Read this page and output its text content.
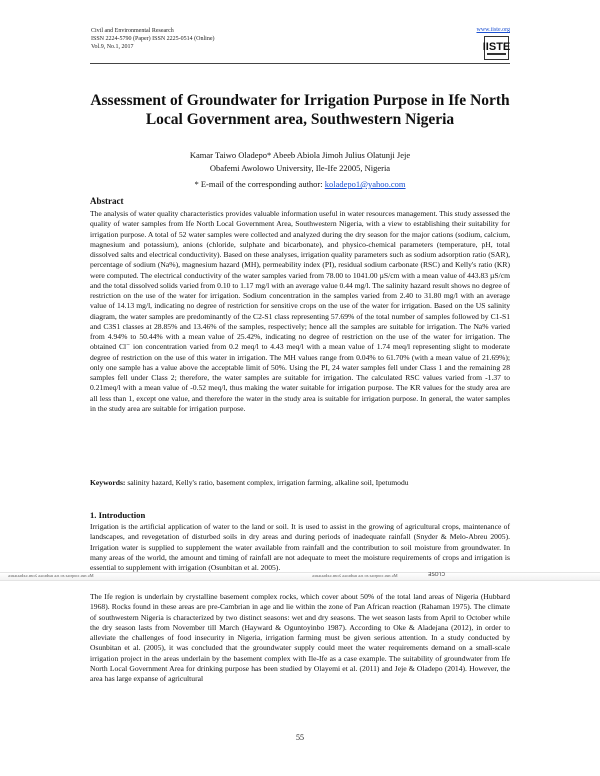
Civil and Environmental Research
ISSN 2224-5790 (Paper) ISSN 2225-0514 (Online)
Vol.9, No.1, 2017
www.iiste.org
IISTE
Assessment of Groundwater for Irrigation Purpose in Ife North Local Government area, Southwestern Nigeria
Kamar Taiwo Oladepo* Abeeb Abiola Jimoh Julius Olatunji Jeje
Obafemi Awolowo University, Ile-Ife 22005, Nigeria
* E-mail of the corresponding author: koladepo1@yahoo.com
Abstract

The analysis of water quality characteristics provides valuable information useful in water resources management. This study assessed the quality of water samples from Ife North Local Government Area, Southwestern Nigeria, with a view to establishing their suitability for irrigation purpose. A total of 52 water samples were collected and analyzed during the dry season for the major cations (sodium, calcium, magnesium and potassium), anions (chloride, sulphate and bicarbonate), and physico-chemical parameters (temperature, pH, total dissolved salts and electrical conductivity). Based on these analyses, irrigation quality parameters such as sodium adsorption ratio (SAR), percentage of sodium (Na%), magnesium hazard (MH), permeability index (PI), residual sodium carbonate (RSC) and Kelly's ratio (KR) were computed. The electrical conductivity of the water samples varied from 78.00 to 1041.00 µS/cm with a mean value of 443.83 µS/cm and the total dissolved solids varied from 0.10 to 1.17 mg/l with an average value 0.44 mg/l. The salinity hazard result shows no degree of restriction on the use of the water for irrigation. Sodium concentration in the samples varied from 2.40 to 31.80 mg/l with an average value of 14.13 mg/l, indicating no degree of restriction for sensitive crops on the use of the water for irrigation. Based on the US salinity diagram, the water samples are predominantly of the C2-S1 class representing 57.69% of the total number of samples followed by C1-S1 and C3S1 classes at 28.85% and 13.46% of the samples, respectively; hence all the samples are suitable for irrigation. The Na% varied from 4.94% to 50.44% with a mean value of 25.42%, indicating no degree of restriction on the use of the water for irrigation. The obtained Cl⁻ ion concentration varied from 0.2 meq/l to 4.43 meq/l with a mean value of 1.74 meq/l representing slight to moderate degree of restriction on the use of this water in irrigation. The MH values range from 0.04% to 61.70% (with a mean value of 21.69%); only one sample has a value above the acceptable limit of 50%. Using the PI, 24 water samples fell under Class 1 and the remaining 28 samples fell under Class 2; therefore, the water samples are suitable for irrigation. The calculated RSC values varied from -1.37 to 0.21meq/l with a mean value of -0.52 meq/l, thus making the water suitable for irrigation purpose. The KR values for the study area are all less than 1, except one value, and therefore the water in the study area is suitable for irrigation purpose. In general, the water samples in the study area are suitable for irrigation purpose.

Keywords: salinity hazard, Kelly's ratio, basement complex, irrigation farming, alkaline soil, Ipetumodu
1. Introduction

Irrigation is the artificial application of water to the land or soil. It is used to assist in the growing of agricultural crops, maintenance of landscapes, and revegetation of disturbed soils in dry areas and during periods of inadequate rainfall (Snyder & Melo-Abreu 2005). Irrigation water is supplied to supplement the water available from rainfall and the contribution to soil moisture from groundwater. In many areas of the world, the amount and timing of rainfall are not adequate to meet the moisture requirements of crops and irrigation is essential to supplement with irrigation (Osunbitan et al. 2005).

ǝɔuǝıɹǝdxǝ ɹnoʎ ǝʌoɹdɯı ǝʍ os sǝıʞooɔ ǝsn ǝM	ǝɔuǝıɹǝdxǝ ɹnoʎ ǝʌoɹdɯı ǝʍ os sǝıʞooɔ ǝsn ǝM	ƎSOꞀƆ

The Ife region is underlain by crystalline basement complex rocks, which cover about 50% of the total land areas of Nigeria (Hubbard 1968). Rocks found in these areas are pre-Cambrian in age and lie within the zone of Pan African reaction (Rahaman 1975). The climate of southwestern Nigeria is characterized by two distinct seasons: wet and dry seasons. The wet season lasts from April to October while the dry season lasts from November till March (Hayward & Oguntoyinbo 1987). According to Oke & Aladejana (2012), in order to alleviate the challenges of food insecurity in Nigeria, irrigation farming must be given serious attention. In a study conducted by Osunbitan et al. (2005), it was concluded that the groundwater supply could meet the water requirements demand on a small-scale irrigation project in the areas underlain by the basement complex with Ile-Ife as a case example. The suitability of groundwater from Ife North Local Government Area for drinking purpose has been studied by Olayemi et al. (2011) and Jeje & Oladepo (2014). However, the area has large expanse of agricultural

55
